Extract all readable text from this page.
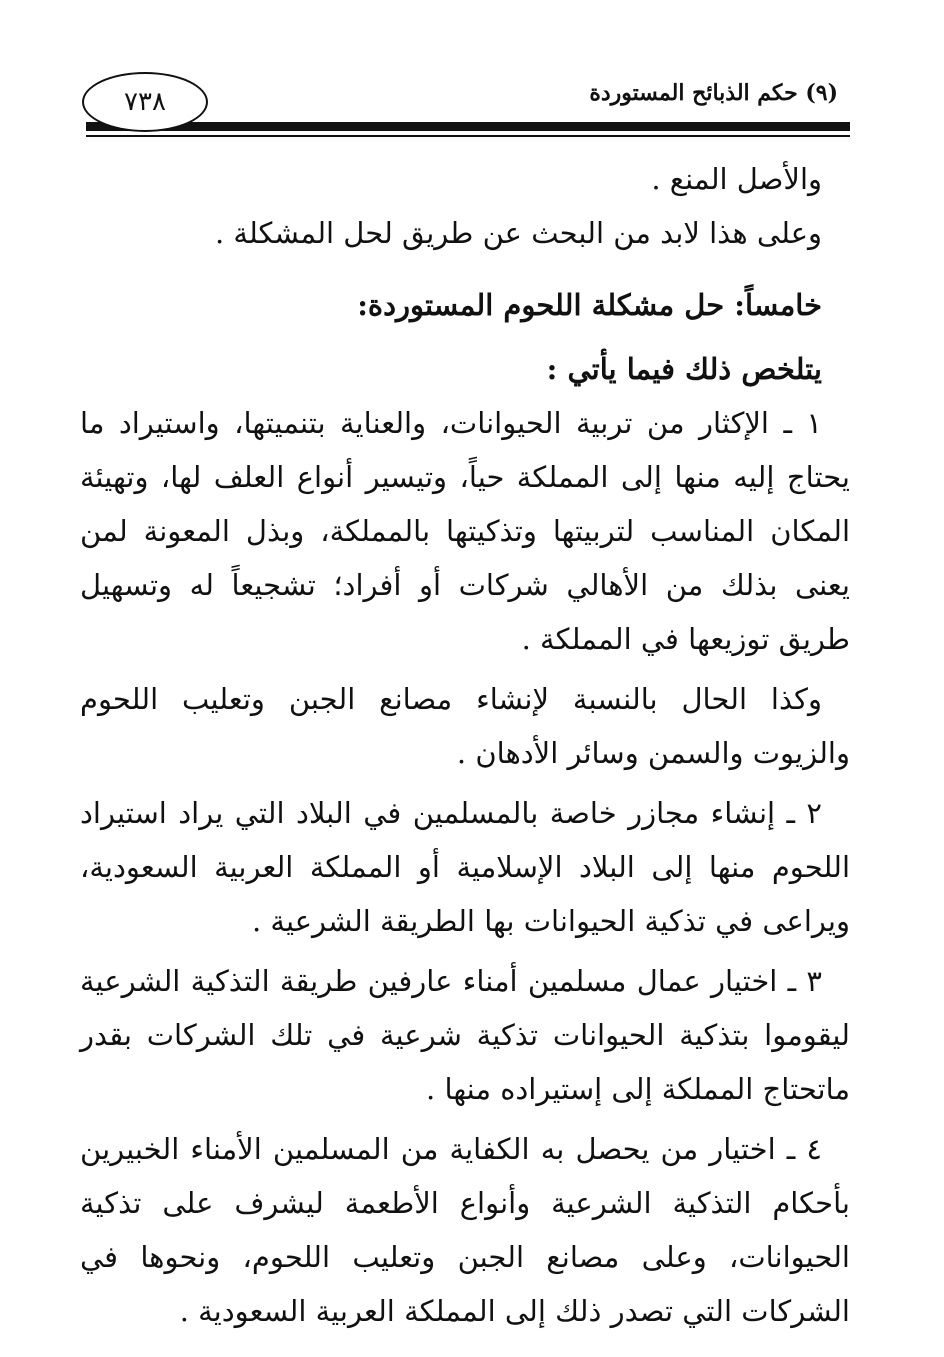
٧٣٨	(٩) حكم الذبائح المستوردة

والأصل المنع .

وعلى هذا لابد من البحث عن طريق لحل المشكلة .

خامساً: حل مشكلة اللحوم المستوردة:

يتلخص ذلك فيما يأتي :

١ ـ الإكثار من تربية الحيوانات، والعناية بتنميتها، واستيراد ما يحتاج إليه منها إلى المملكة حياً، وتيسير أنواع العلف لها، وتهيئة المكان المناسب لتربيتها وتذكيتها بالمملكة، وبذل المعونة لمن يعنى بذلك من الأهالي شركات أو أفراد؛ تشجيعاً له وتسهيل طريق توزيعها في المملكة .

وكذا الحال بالنسبة لإنشاء مصانع الجبن وتعليب اللحوم والزيوت والسمن وسائر الأدهان .

٢ ـ إنشاء مجازر خاصة بالمسلمين في البلاد التي يراد استيراد اللحوم منها إلى البلاد الإسلامية أو المملكة العربية السعودية، ويراعى في تذكية الحيوانات بها الطريقة الشرعية .

٣ ـ اختيار عمال مسلمين أمناء عارفين طريقة التذكية الشرعية ليقوموا بتذكية الحيوانات تذكية شرعية في تلك الشركات بقدر ماتحتاج المملكة إلى إستيراده منها .

٤ ـ اختيار من يحصل به الكفاية من المسلمين الأمناء الخبيرين بأحكام التذكية الشرعية وأنواع الأطعمة ليشرف على تذكية الحيوانات، وعلى مصانع الجبن وتعليب اللحوم، ونحوها في الشركات التي تصدر ذلك إلى المملكة العربية السعودية .
